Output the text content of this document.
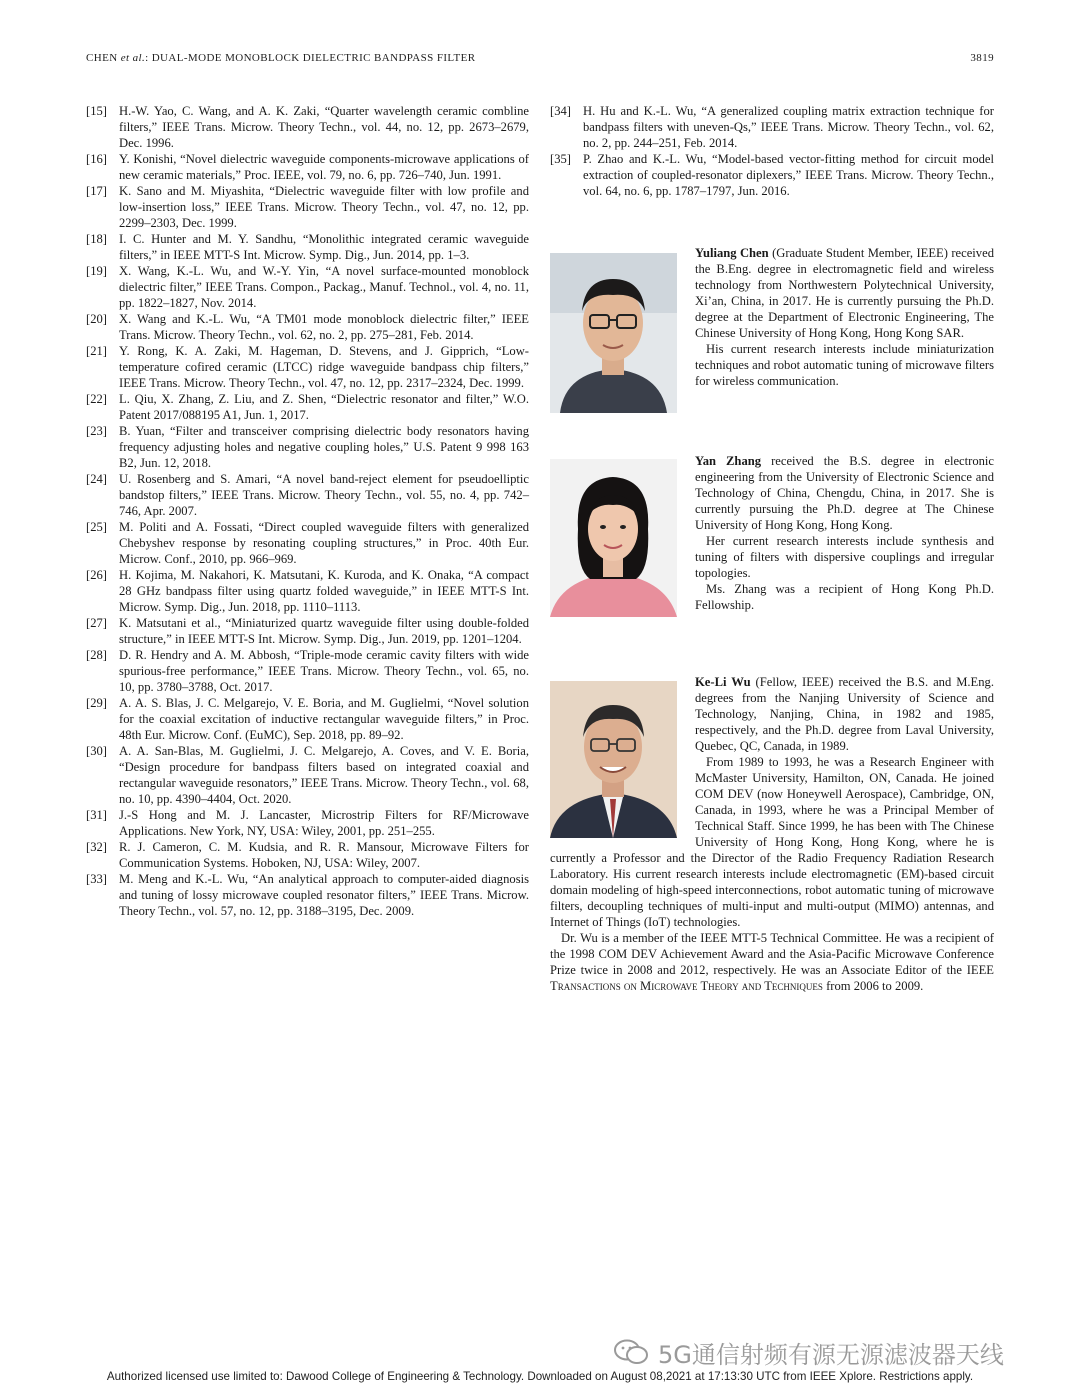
CHEN et al.: DUAL-MODE MONOBLOCK DIELECTRIC BANDPASS FILTER	3819
[15] H.-W. Yao, C. Wang, and A. K. Zaki, “Quarter wavelength ceramic combline filters,” IEEE Trans. Microw. Theory Techn., vol. 44, no. 12, pp. 2673–2679, Dec. 1996.
[16] Y. Konishi, “Novel dielectric waveguide components-microwave applications of new ceramic materials,” Proc. IEEE, vol. 79, no. 6, pp. 726–740, Jun. 1991.
[17] K. Sano and M. Miyashita, “Dielectric waveguide filter with low profile and low-insertion loss,” IEEE Trans. Microw. Theory Techn., vol. 47, no. 12, pp. 2299–2303, Dec. 1999.
[18] I. C. Hunter and M. Y. Sandhu, “Monolithic integrated ceramic waveguide filters,” in IEEE MTT-S Int. Microw. Symp. Dig., Jun. 2014, pp. 1–3.
[19] X. Wang, K.-L. Wu, and W.-Y. Yin, “A novel surface-mounted monoblock dielectric filter,” IEEE Trans. Compon., Packag., Manuf. Technol., vol. 4, no. 11, pp. 1822–1827, Nov. 2014.
[20] X. Wang and K.-L. Wu, “A TM01 mode monoblock dielectric filter,” IEEE Trans. Microw. Theory Techn., vol. 62, no. 2, pp. 275–281, Feb. 2014.
[21] Y. Rong, K. A. Zaki, M. Hageman, D. Stevens, and J. Gipprich, “Low-temperature cofired ceramic (LTCC) ridge waveguide bandpass chip filters,” IEEE Trans. Microw. Theory Techn., vol. 47, no. 12, pp. 2317–2324, Dec. 1999.
[22] L. Qiu, X. Zhang, Z. Liu, and Z. Shen, “Dielectric resonator and filter,” W.O. Patent 2017/088195 A1, Jun. 1, 2017.
[23] B. Yuan, “Filter and transceiver comprising dielectric body resonators having frequency adjusting holes and negative coupling holes,” U.S. Patent 9 998 163 B2, Jun. 12, 2018.
[24] U. Rosenberg and S. Amari, “A novel band-reject element for pseudoelliptic bandstop filters,” IEEE Trans. Microw. Theory Techn., vol. 55, no. 4, pp. 742–746, Apr. 2007.
[25] M. Politi and A. Fossati, “Direct coupled waveguide filters with generalized Chebyshev response by resonating coupling structures,” in Proc. 40th Eur. Microw. Conf., 2010, pp. 966–969.
[26] H. Kojima, M. Nakahori, K. Matsutani, K. Kuroda, and K. Onaka, “A compact 28 GHz bandpass filter using quartz folded waveguide,” in IEEE MTT-S Int. Microw. Symp. Dig., Jun. 2018, pp. 1110–1113.
[27] K. Matsutani et al., “Miniaturized quartz waveguide filter using double-folded structure,” in IEEE MTT-S Int. Microw. Symp. Dig., Jun. 2019, pp. 1201–1204.
[28] D. R. Hendry and A. M. Abbosh, “Triple-mode ceramic cavity filters with wide spurious-free performance,” IEEE Trans. Microw. Theory Techn., vol. 65, no. 10, pp. 3780–3788, Oct. 2017.
[29] A. A. S. Blas, J. C. Melgarejo, V. E. Boria, and M. Guglielmi, “Novel solution for the coaxial excitation of inductive rectangular waveguide filters,” in Proc. 48th Eur. Microw. Conf. (EuMC), Sep. 2018, pp. 89–92.
[30] A. A. San-Blas, M. Guglielmi, J. C. Melgarejo, A. Coves, and V. E. Boria, “Design procedure for bandpass filters based on integrated coaxial and rectangular waveguide resonators,” IEEE Trans. Microw. Theory Techn., vol. 68, no. 10, pp. 4390–4404, Oct. 2020.
[31] J.-S Hong and M. J. Lancaster, Microstrip Filters for RF/Microwave Applications. New York, NY, USA: Wiley, 2001, pp. 251–255.
[32] R. J. Cameron, C. M. Kudsia, and R. R. Mansour, Microwave Filters for Communication Systems. Hoboken, NJ, USA: Wiley, 2007.
[33] M. Meng and K.-L. Wu, “An analytical approach to computer-aided diagnosis and tuning of lossy microwave coupled resonator filters,” IEEE Trans. Microw. Theory Techn., vol. 57, no. 12, pp. 3188–3195, Dec. 2009.
[34] H. Hu and K.-L. Wu, “A generalized coupling matrix extraction technique for bandpass filters with uneven-Qs,” IEEE Trans. Microw. Theory Techn., vol. 62, no. 2, pp. 244–251, Feb. 2014.
[35] P. Zhao and K.-L. Wu, “Model-based vector-fitting method for circuit model extraction of coupled-resonator diplexers,” IEEE Trans. Microw. Theory Techn., vol. 64, no. 6, pp. 1787–1797, Jun. 2016.

Yuliang Chen (Graduate Student Member, IEEE) received the B.Eng. degree in electromagnetic field and wireless technology from Northwestern Polytechnical University, Xi’an, China, in 2017. He is currently pursuing the Ph.D. degree at the Department of Electronic Engineering, The Chinese University of Hong Kong, Hong Kong SAR.

His current research interests include miniaturization techniques and robot automatic tuning of microwave filters for wireless communication.

Yan Zhang received the B.S. degree in electronic engineering from the University of Electronic Science and Technology of China, Chengdu, China, in 2017. She is currently pursuing the Ph.D. degree at The Chinese University of Hong Kong, Hong Kong.

Her current research interests include synthesis and tuning of filters with dispersive couplings and irregular topologies.

Ms. Zhang was a recipient of Hong Kong Ph.D. Fellowship.

Ke-Li Wu (Fellow, IEEE) received the B.S. and M.Eng. degrees from the Nanjing University of Science and Technology, Nanjing, China, in 1982 and 1985, respectively, and the Ph.D. degree from Laval University, Quebec, QC, Canada, in 1989.

From 1989 to 1993, he was a Research Engineer with McMaster University, Hamilton, ON, Canada. He joined COM DEV (now Honeywell Aerospace), Cambridge, ON, Canada, in 1993, where he was a Principal Member of Technical Staff. Since 1999, he has been with The Chinese University of Hong Kong, Hong Kong, where he is currently a Professor and the Director of the Radio Frequency Radiation Research Laboratory. His current research interests include electromagnetic (EM)-based circuit domain modeling of high-speed interconnections, robot automatic tuning of microwave filters, decoupling techniques of multi-input and multi-output (MIMO) antennas, and Internet of Things (IoT) technologies.

Dr. Wu is a member of the IEEE MTT-5 Technical Committee. He was a recipient of the 1998 COM DEV Achievement Award and the Asia-Pacific Microwave Conference Prize twice in 2008 and 2012, respectively. He was an Associate Editor of the IEEE Transactions on Microwave Theory and Techniques from 2006 to 2009.

5G通信射频有源无源滤波器天线
Authorized licensed use limited to: Dawood College of Engineering & Technology. Downloaded on August 08,2021 at 17:13:30 UTC from IEEE Xplore. Restrictions apply.
